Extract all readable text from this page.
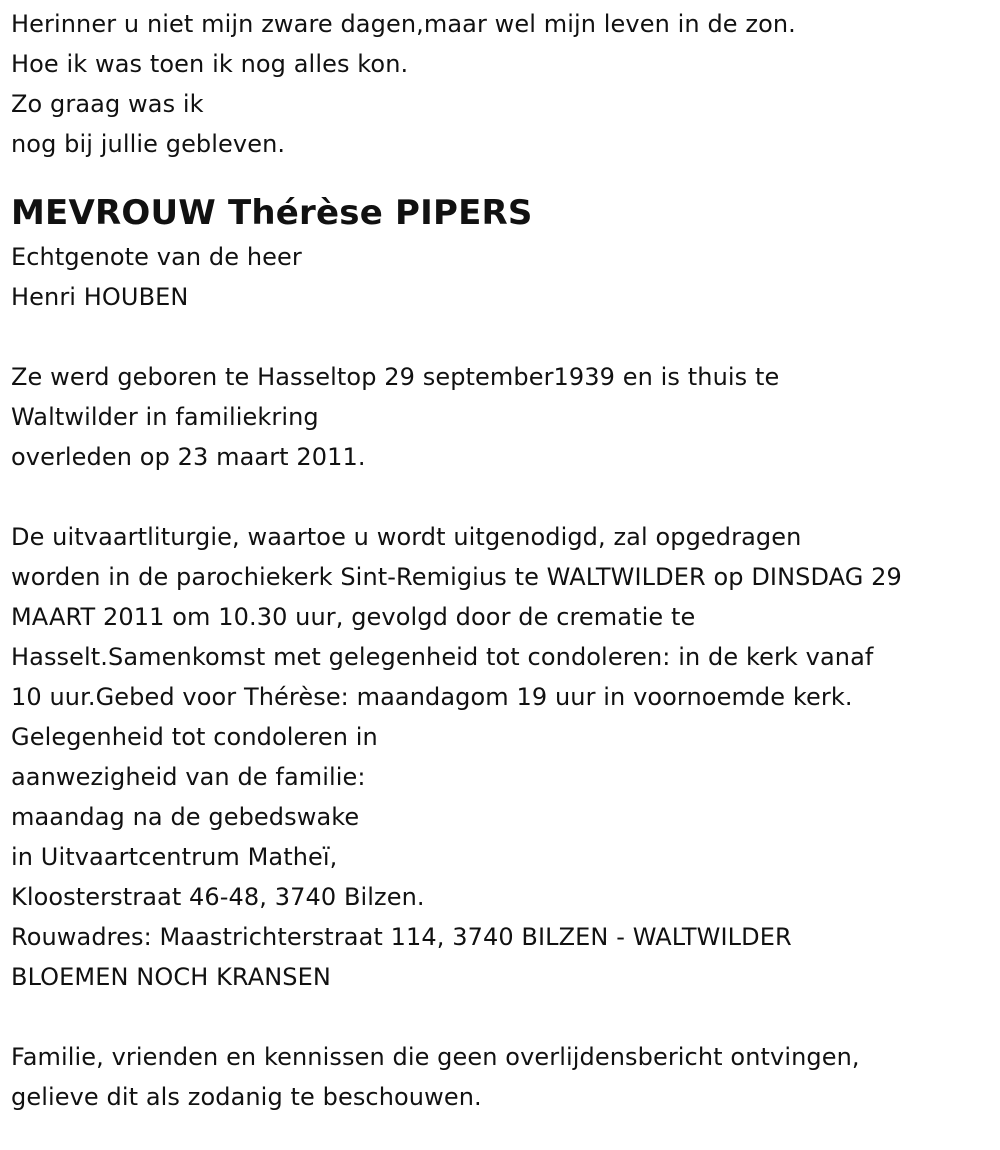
Herinner u niet mijn zware dagen,maar wel mijn leven in de zon.
Hoe ik was toen ik nog alles kon.
Zo graag was ik
nog bij jullie gebleven.
MEVROUW Thérèse PIPERS
Echtgenote van de heer
Henri HOUBEN
Ze werd geboren te Hasseltop 29 september1939 en is thuis te
Waltwilder in familiekring
overleden op 23 maart 2011.
De uitvaartliturgie, waartoe u wordt uitgenodigd, zal opgedragen
worden in de parochiekerk Sint-Remigius te WALTWILDER op DINSDAG 29
MAART 2011 om 10.30 uur, gevolgd door de crematie te
Hasselt.Samenkomst met gelegenheid tot condoleren: in de kerk vanaf
10 uur.Gebed voor Thérèse: maandagom 19 uur in voornoemde kerk.
Gelegenheid tot condoleren in
aanwezigheid van de familie:
maandag na de gebedswake
in Uitvaartcentrum Matheï,
Kloosterstraat 46-48, 3740 Bilzen.
Rouwadres: Maastrichterstraat 114, 3740 BILZEN - WALTWILDER
BLOEMEN NOCH KRANSEN
Familie, vrienden en kennissen die geen overlijdensbericht ontvingen,
gelieve dit als zodanig te beschouwen.
